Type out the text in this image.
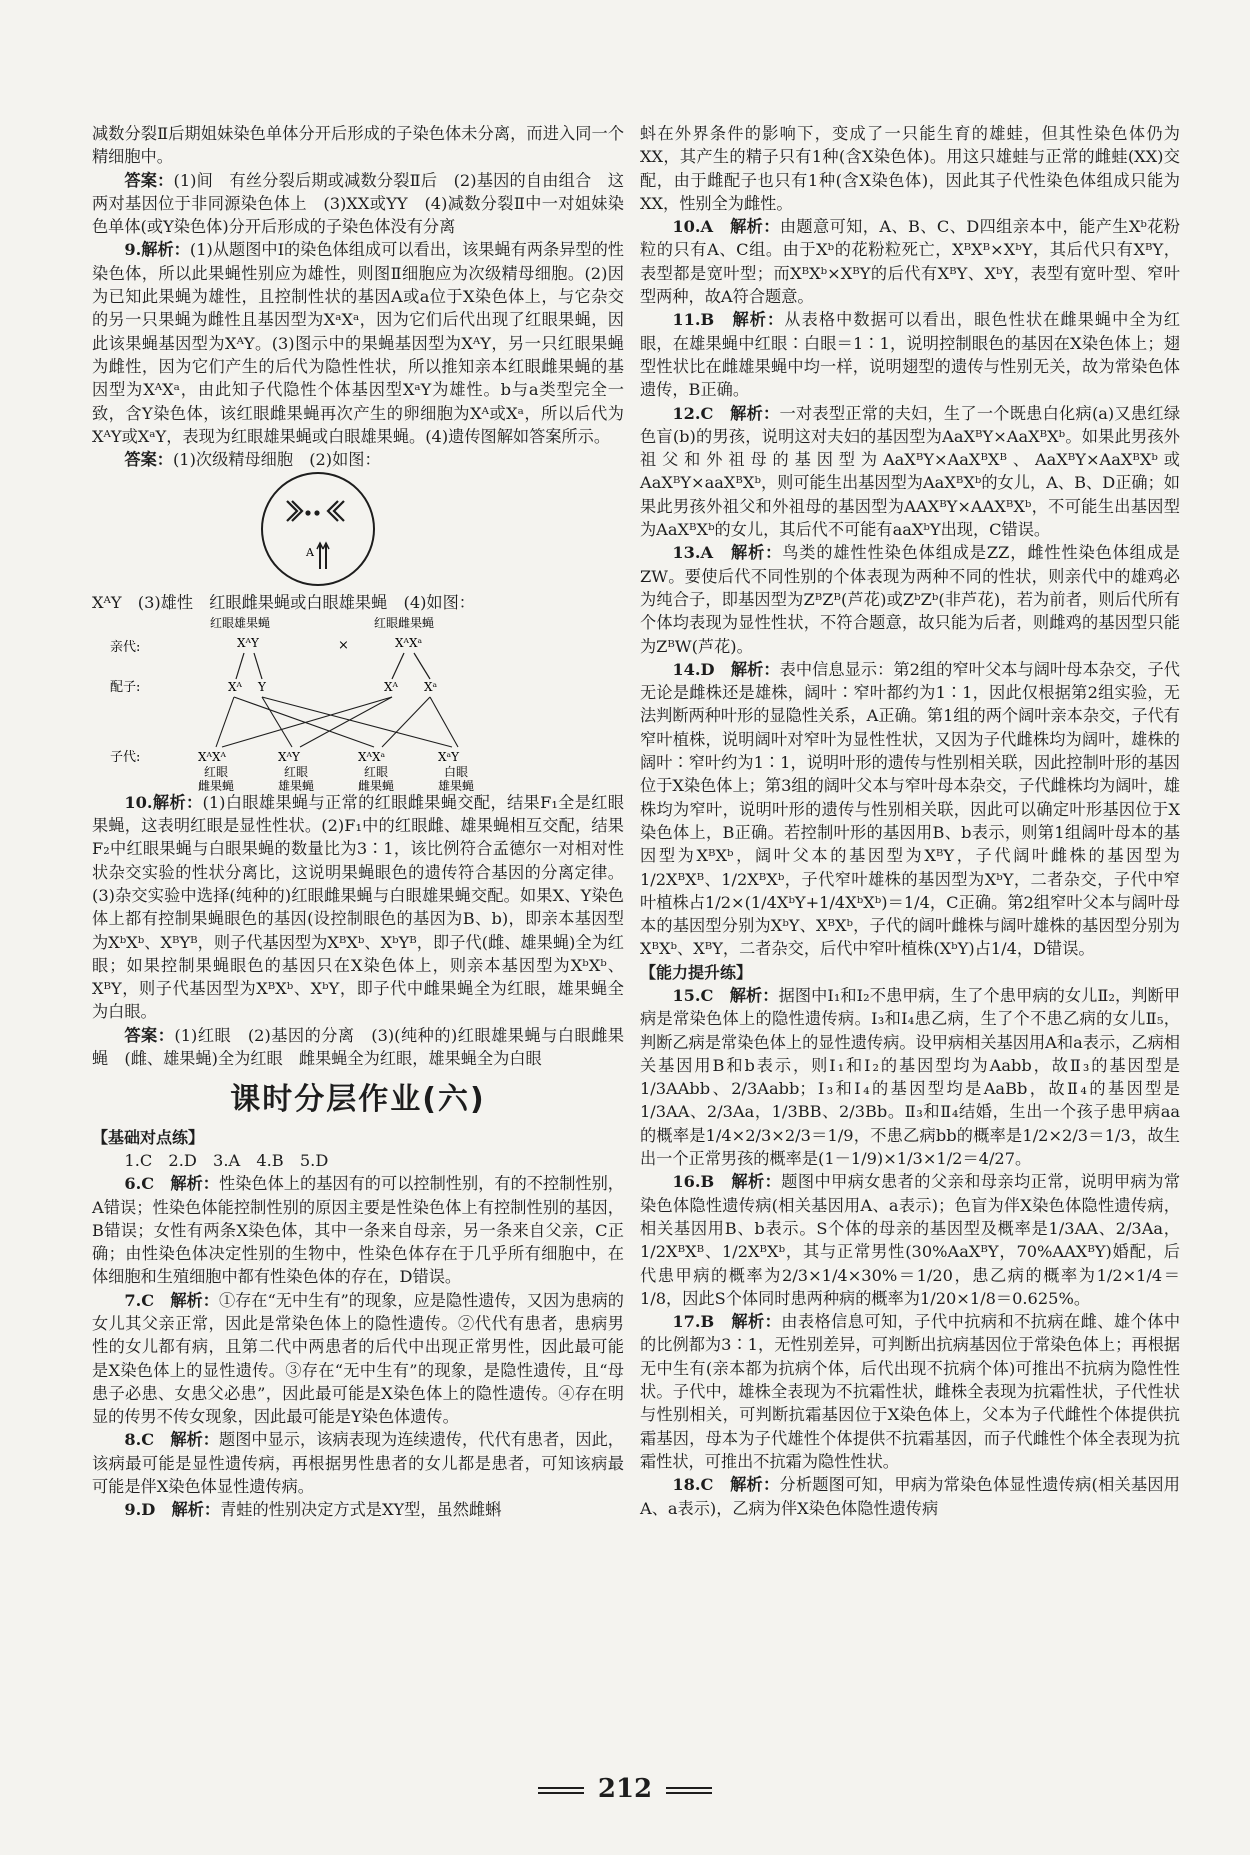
减数分裂Ⅱ后期姐妹染色单体分开后形成的子染色体未分离，而进入同一个精细胞中。

答案：(1)间　有丝分裂后期或减数分裂Ⅱ后　(2)基因的自由组合　这两对基因位于非同源染色体上　(3)XX或YY　(4)减数分裂Ⅱ中一对姐妹染色单体(或Y染色体)分开后形成的子染色体没有分离

9.解析：(1)从题图中Ⅰ的染色体组成可以看出，该果蝇有两条异型的性染色体，所以此果蝇性别应为雄性，则图Ⅱ细胞应为次级精母细胞。(2)因为已知此果蝇为雄性，且控制性状的基因A或a位于X染色体上，与它杂交的另一只果蝇为雌性且基因型为XᵃXᵃ，因为它们后代出现了红眼果蝇，因此该果蝇基因型为XᴬY。(3)图示中的果蝇基因型为XᴬY，另一只红眼果蝇为雌性，因为它们产生的后代为隐性性状，所以推知亲本红眼雌果蝇的基因型为XᴬXᵃ，由此知子代隐性个体基因型XᵃY为雄性。b与a类型完全一致，含Y染色体，该红眼雌果蝇再次产生的卵细胞为Xᴬ或Xᵃ，所以后代为XᴬY或XᵃY，表现为红眼雄果蝇或白眼雄果蝇。(4)遗传图解如答案所示。

答案：(1)次级精母细胞　(2)如图：

A

XᴬY　(3)雄性　红眼雌果蝇或白眼雄果蝇　(4)如图：

红眼雄果蝇	红眼雌果蝇
亲代:	XᴬY	×	XᴬXᵃ
配子:	Xᴬ Y	Xᴬ Xᵃ
子代:	XᴬXᴬ	XᴬY	XᴬXᵃ	XᵃY
红眼	红眼	红眼	白眼
雌果蝇	雄果蝇	雌果蝇	雄果蝇

10.解析：(1)白眼雄果蝇与正常的红眼雌果蝇交配，结果F₁全是红眼果蝇，这表明红眼是显性性状。(2)F₁中的红眼雌、雄果蝇相互交配，结果F₂中红眼果蝇与白眼果蝇的数量比为3∶1，该比例符合孟德尔一对相对性状杂交实验的性状分离比，这说明果蝇眼色的遗传符合基因的分离定律。(3)杂交实验中选择(纯种的)红眼雌果蝇与白眼雄果蝇交配。如果X、Y染色体上都有控制果蝇眼色的基因(设控制眼色的基因为B、b)，即亲本基因型为XᵇXᵇ、XᴮYᴮ，则子代基因型为XᴮXᵇ、XᵇYᴮ，即子代(雌、雄果蝇)全为红眼；如果控制果蝇眼色的基因只在X染色体上，则亲本基因型为XᵇXᵇ、XᴮY，则子代基因型为XᴮXᵇ、XᵇY，即子代中雌果蝇全为红眼，雄果蝇全为白眼。

答案：(1)红眼　(2)基因的分离　(3)(纯种的)红眼雄果蝇与白眼雌果蝇　(雌、雄果蝇)全为红眼　雌果蝇全为红眼，雄果蝇全为白眼

课时分层作业(六)
【基础对点练】

1.C　2.D　3.A　4.B　5.D

6.C　解析：性染色体上的基因有的可以控制性别，有的不控制性别，A错误；性染色体能控制性别的原因主要是性染色体上有控制性别的基因，B错误；女性有两条X染色体，其中一条来自母亲，另一条来自父亲，C正确；由性染色体决定性别的生物中，性染色体存在于几乎所有细胞中，在体细胞和生殖细胞中都有性染色体的存在，D错误。

7.C　解析：①存在“无中生有”的现象，应是隐性遗传，又因为患病的女儿其父亲正常，因此是常染色体上的隐性遗传。②代代有患者，患病男性的女儿都有病，且第二代中两患者的后代中出现正常男性，因此最可能是X染色体上的显性遗传。③存在“无中生有”的现象，是隐性遗传，且“母患子必患、女患父必患”，因此最可能是X染色体上的隐性遗传。④存在明显的传男不传女现象，因此最可能是Y染色体遗传。

8.C　解析：题图中显示，该病表现为连续遗传，代代有患者，因此，该病最可能是显性遗传病，再根据男性患者的女儿都是患者，可知该病最可能是伴X染色体显性遗传病。

9.D　解析：青蛙的性别决定方式是XY型，虽然雌蝌

蚪在外界条件的影响下，变成了一只能生育的雄蛙，但其性染色体仍为XX，其产生的精子只有1种(含X染色体)。用这只雄蛙与正常的雌蛙(XX)交配，由于雌配子也只有1种(含X染色体)，因此其子代性染色体组成只能为XX，性别全为雌性。

10.A　解析：由题意可知，A、B、C、D四组亲本中，能产生Xᵇ花粉粒的只有A、C组。由于Xᵇ的花粉粒死亡，XᴮXᴮ×XᵇY，其后代只有XᴮY，表型都是宽叶型；而XᴮXᵇ×XᴮY的后代有XᴮY、XᵇY，表型有宽叶型、窄叶型两种，故A符合题意。

11.B　解析：从表格中数据可以看出，眼色性状在雌果蝇中全为红眼，在雄果蝇中红眼∶白眼＝1∶1，说明控制眼色的基因在X染色体上；翅型性状比在雌雄果蝇中均一样，说明翅型的遗传与性别无关，故为常染色体遗传，B正确。

12.C　解析：一对表型正常的夫妇，生了一个既患白化病(a)又患红绿色盲(b)的男孩，说明这对夫妇的基因型为AaXᴮY×AaXᴮXᵇ。如果此男孩外祖父和外祖母的基因型为AaXᴮY×AaXᴮXᴮ、AaXᴮY×AaXᴮXᵇ或AaXᴮY×aaXᴮXᵇ，则可能生出基因型为AaXᴮXᵇ的女儿，A、B、D正确；如果此男孩外祖父和外祖母的基因型为AAXᴮY×AAXᴮXᵇ，不可能生出基因型为AaXᴮXᵇ的女儿，其后代不可能有aaXᵇY出现，C错误。

13.A　解析：鸟类的雄性性染色体组成是ZZ，雌性性染色体组成是ZW。要使后代不同性别的个体表现为两种不同的性状，则亲代中的雄鸡必为纯合子，即基因型为ZᴮZᴮ(芦花)或ZᵇZᵇ(非芦花)，若为前者，则后代所有个体均表现为显性性状，不符合题意，故只能为后者，则雌鸡的基因型只能为ZᴮW(芦花)。

14.D　解析：表中信息显示：第2组的窄叶父本与阔叶母本杂交，子代无论是雌株还是雄株，阔叶∶窄叶都约为1∶1，因此仅根据第2组实验，无法判断两种叶形的显隐性关系，A正确。第1组的两个阔叶亲本杂交，子代有窄叶植株，说明阔叶对窄叶为显性性状，又因为子代雌株均为阔叶，雄株的阔叶∶窄叶约为1∶1，说明叶形的遗传与性别相关联，因此控制叶形的基因位于X染色体上；第3组的阔叶父本与窄叶母本杂交，子代雌株均为阔叶，雄株均为窄叶，说明叶形的遗传与性别相关联，因此可以确定叶形基因位于X染色体上，B正确。若控制叶形的基因用B、b表示，则第1组阔叶母本的基因型为XᴮXᵇ，阔叶父本的基因型为XᴮY，子代阔叶雌株的基因型为1/2XᴮXᴮ、1/2XᴮXᵇ，子代窄叶雄株的基因型为XᵇY，二者杂交，子代中窄叶植株占1/2×(1/4XᵇY+1/4XᵇXᵇ)＝1/4，C正确。第2组窄叶父本与阔叶母本的基因型分别为XᵇY、XᴮXᵇ，子代的阔叶雌株与阔叶雄株的基因型分别为XᴮXᵇ、XᴮY，二者杂交，后代中窄叶植株(XᵇY)占1/4，D错误。

【能力提升练】

15.C　解析：据图中Ⅰ₁和Ⅰ₂不患甲病，生了个患甲病的女儿Ⅱ₂，判断甲病是常染色体上的隐性遗传病。Ⅰ₃和Ⅰ₄患乙病，生了个不患乙病的女儿Ⅱ₅，判断乙病是常染色体上的显性遗传病。设甲病相关基因用A和a表示，乙病相关基因用B和b表示，则Ⅰ₁和Ⅰ₂的基因型均为Aabb，故Ⅱ₃的基因型是1/3AAbb、2/3Aabb；Ⅰ₃和Ⅰ₄的基因型均是AaBb，故Ⅱ₄的基因型是1/3AA、2/3Aa，1/3BB、2/3Bb。Ⅱ₃和Ⅱ₄结婚，生出一个孩子患甲病aa的概率是1/4×2/3×2/3＝1/9，不患乙病bb的概率是1/2×2/3＝1/3，故生出一个正常男孩的概率是(1－1/9)×1/3×1/2＝4/27。

16.B　解析：题图中甲病女患者的父亲和母亲均正常，说明甲病为常染色体隐性遗传病(相关基因用A、a表示)；色盲为伴X染色体隐性遗传病，相关基因用B、b表示。S个体的母亲的基因型及概率是1/3AA、2/3Aa，1/2XᴮXᴮ、1/2XᴮXᵇ，其与正常男性(30%AaXᴮY，70%AAXᴮY)婚配，后代患甲病的概率为2/3×1/4×30%＝1/20，患乙病的概率为1/2×1/4＝1/8，因此S个体同时患两种病的概率为1/20×1/8＝0.625%。

17.B　解析：由表格信息可知，子代中抗病和不抗病在雌、雄个体中的比例都为3∶1，无性别差异，可判断出抗病基因位于常染色体上；再根据无中生有(亲本都为抗病个体，后代出现不抗病个体)可推出不抗病为隐性性状。子代中，雄株全表现为不抗霜性状，雌株全表现为抗霜性状，子代性状与性别相关，可判断抗霜基因位于X染色体上，父本为子代雌性个体提供抗霜基因，母本为子代雄性个体提供不抗霜基因，而子代雌性个体全表现为抗霜性状，可推出不抗霜为隐性性状。

18.C　解析：分析题图可知，甲病为常染色体显性遗传病(相关基因用A、a表示)，乙病为伴X染色体隐性遗传病

212
